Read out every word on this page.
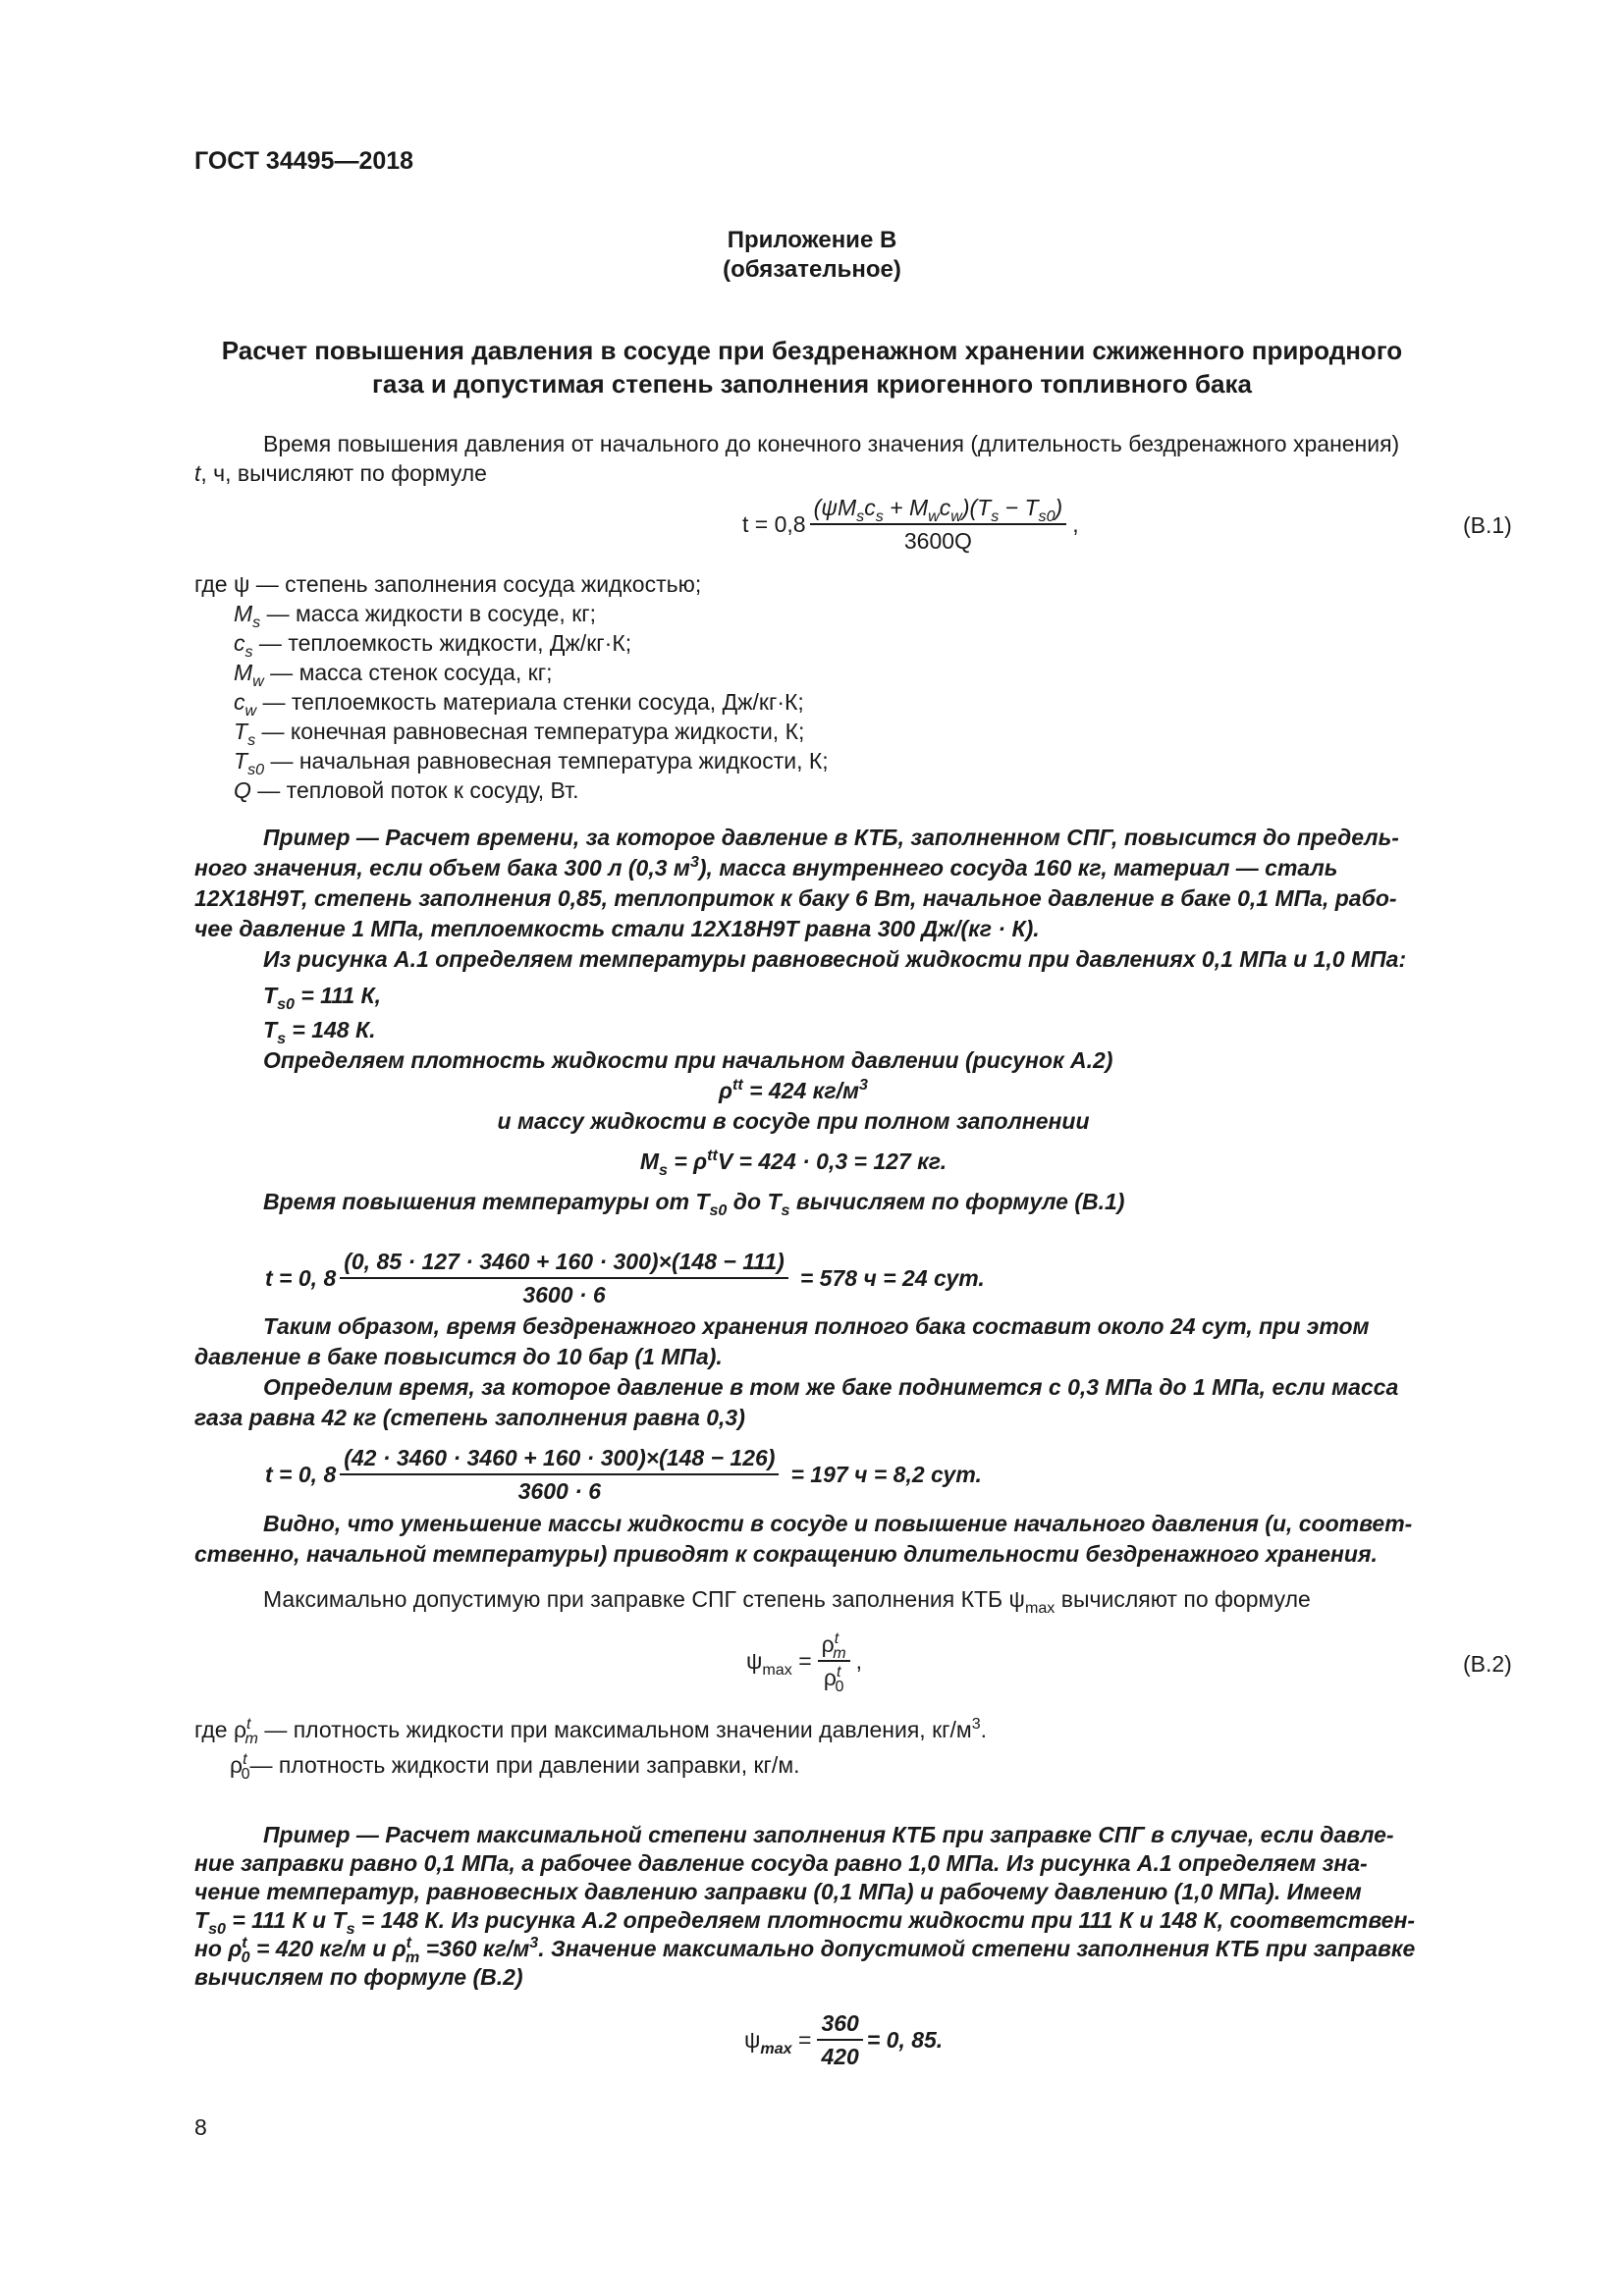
ГОСТ 34495—2018
Приложение В
(обязательное)
Расчет повышения давления в сосуде при бездренажном хранении сжиженного природного
газа и допустимая степень заполнения криогенного топливного бака
Время повышения давления от начального до конечного значения (длительность бездренажного хранения)
t, ч, вычисляют по формуле
$t = 0,8 \frac{(\psi M_sc_s + M_wc_w)(T_s - T_{s0})}{3600Q}$ ,	(В.1)
где ψ — степень заполнения сосуда жидкостью;
$M_s$ — масса жидкости в сосуде, кг;
$c_s$ — теплоемкость жидкости, Дж/кг·К;
$M_w$ — масса стенок сосуда, кг;
$c_w$ — теплоемкость материала стенки сосуда, Дж/кг·К;
$T_s$ — конечная равновесная температура жидкости, К;
$T_{s0}$ — начальная равновесная температура жидкости, К;
Q — тепловой поток к сосуду, Вт.
Пример — Расчет времени, за которое давление в КТБ, заполненном СПГ, повысится до предель-
ного значения, если объем бака 300 л (0,3 $м^3$), масса внутреннего сосуда 160 кг, материал — сталь
12Х18Н9Т, степень заполнения 0,85, теплоприток к баку 6 Вт, начальное давление в баке 0,1 МПа, рабо-
чее давление 1 МПа, теплоемкость стали 12Х18Н9Т равна 300 Дж/(кг · К).
Из рисунка А.1 определяем температуры равновесной жидкости при давлениях 0,1 МПа и 1,0 МПа:
$T_{s0} = 111$ К,
$T_s = 148$ К.
Определяем плотность жидкости при начальном давлении (рисунок А.2)
$\rho^{tt} = 424$ $кг/м^3$
и массу жидкости в сосуде при полном заполнении
$M_s = \rho^{tt}V = 424 \cdot 0,3 = 127$ кг.
Время повышения температуры от $T_{s0}$ до $T_s$ вычисляем по формуле (В.1)
t = 0, $8 \frac{(0, 85 \cdot 127 \cdot 3460 + 160 \cdot 300)\times(148 - 111)}{3600 \cdot 6} = 578$ ч = 24 сут.
Таким образом, время бездренажного хранения полного бака составит около 24 сут, при этом
давление в баке повысится до 10 бар (1 МПа).
Определим время, за которое давление в том же баке поднимется с 0,3 МПа до 1 МПа, если масса
газа равна 42 кг (степень заполнения равна 0,3)
t = 0, $8 \frac{(42 \cdot 3460 \cdot 3460 + 160 \cdot 300)\times(148 - 126)}{3600 \cdot 6} = 197$ ч = 8,2 сут.
Видно, что уменьшение массы жидкости в сосуде и повышение начального давления (и, соответ-
ственно, начальной температуры) приводят к сокращению длительности бездренажного хранения.
Максимально допустимую при заправке СПГ степень заполнения КТБ $\psi_{max}$ вычисляют по формуле
$\psi_{max} = \frac{\rho^t_m}{\rho^t_0}$ ,	(В.2)
где $\rho^t_m$ — плотность жидкости при максимальном значении давления, $кг/м^3$.
$\rho^t_0—$ плотность жидкости при давлении заправки, кг/м.
Пример — Расчет максимальной степени заполнения КТБ при заправке СПГ в случае, если давле-
ние заправки равно 0,1 МПа, а рабочее давление сосуда равно 1,0 МПа. Из рисунка А.1 определяем зна-
чение температур, равновесных давлению заправки (0,1 МПа) и рабочему давлению (1,0 МПа). Имеем
$T_{s0} = 111$ К и $T_s = 148$ К. Из рисунка А.2 определяем плотности жидкости при 111 К и 148 К, соответствен-
но $\rho^t_0 = 420$ кг/м и $\rho^t_m =360$ $кг/м^3$. Значение максимально допустимой степени заполнения КТБ при заправке
вычисляем по формуле (В.2)
$\psi_{max} = \frac{360}{420} = 0$, 85.
8
